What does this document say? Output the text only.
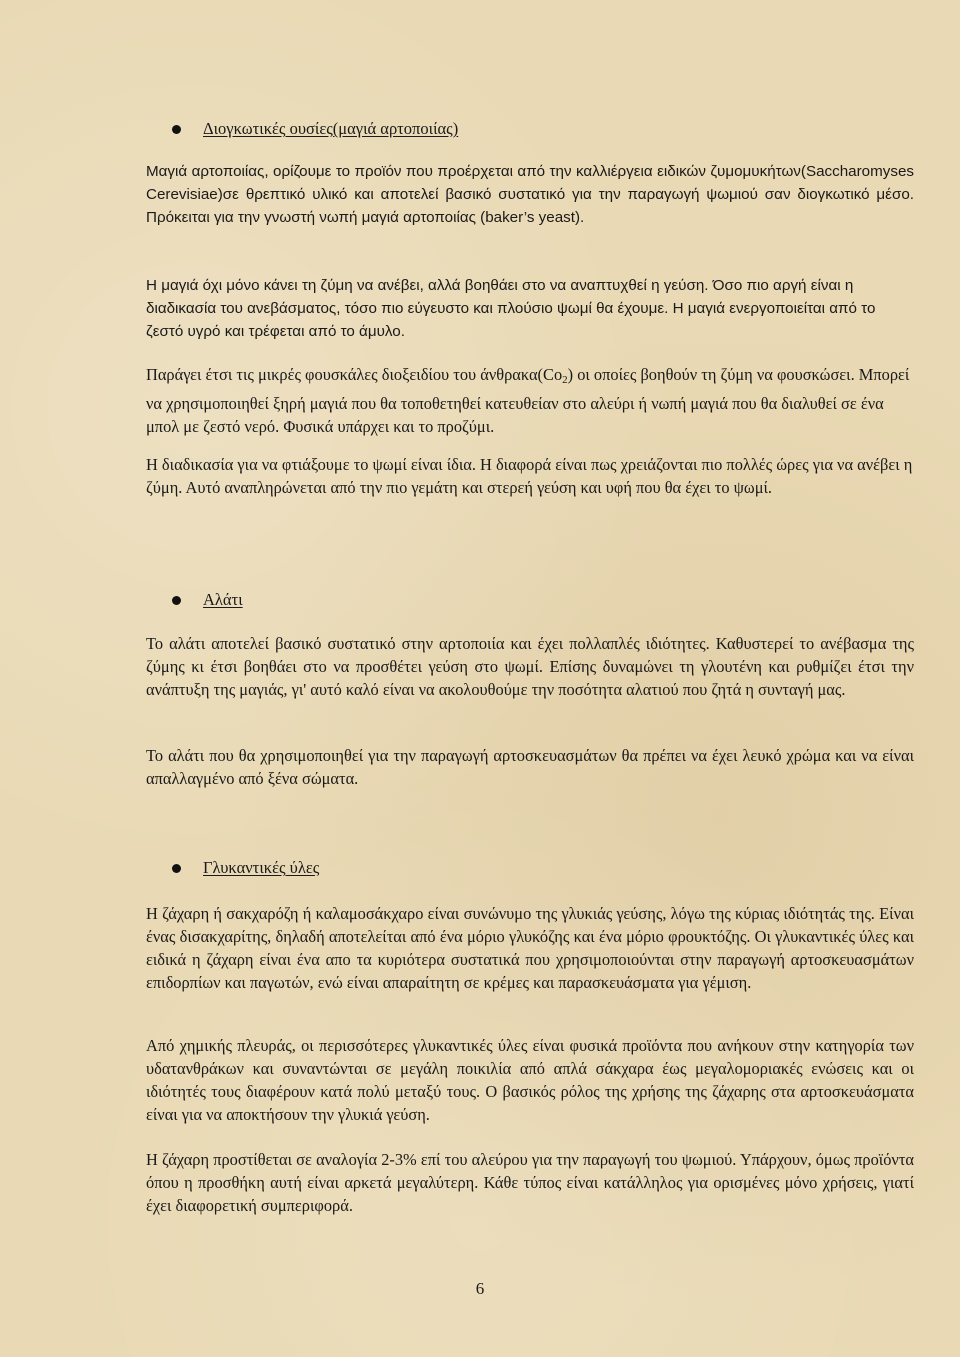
Διογκωτικές ουσίες(μαγιά αρτοποιίας)

Μαγιά αρτοποιίας, ορίζουμε το προϊόν που προέρχεται από την καλλιέργεια ειδικών ζυμομυκήτων(Saccharomyses Cerevisiae)σε θρεπτικό υλικό και αποτελεί βασικό συστατικό για την παραγωγή ψωμιού σαν διογκωτικό μέσο. Πρόκειται για την γνωστή νωπή μαγιά αρτοποιίας (baker’s yeast).

Η μαγιά όχι μόνο κάνει τη ζύμη να ανέβει, αλλά βοηθάει στο να αναπτυχθεί η γεύση. Όσο πιο αργή είναι η διαδικασία του ανεβάσματος, τόσο πιο εύγευστο και πλούσιο ψωμί θα έχουμε. Η μαγιά ενεργοποιείται από το ζεστό υγρό και τρέφεται από το άμυλο.

Παράγει έτσι τις μικρές φουσκάλες διοξειδίου του $ά\nu\theta\rho\alpha\kappa\alpha(Co_2)$ οι οποίες βοηθούν τη ζύμη να φουσκώσει. Μπορεί να χρησιμοποιηθεί ξηρή μαγιά που θα τοποθετηθεί κατευθείαν στο αλεύρι ή νωπή μαγιά που θα διαλυθεί σε ένα μπολ με ζεστό νερό. Φυσικά υπάρχει και το προζύμι.

Η διαδικασία για να φτιάξουμε το ψωμί είναι ίδια. Η διαφορά είναι πως χρειάζονται πιο πολλές ώρες για να ανέβει η ζύμη. Αυτό αναπληρώνεται από την πιο γεμάτη και στερεή γεύση και υφή που θα έχει το ψωμί.

Αλάτι

Το αλάτι αποτελεί βασικό συστατικό στην αρτοποιία και έχει πολλαπλές ιδιότητες. Καθυστερεί το ανέβασμα της ζύμης κι έτσι βοηθάει στο να προσθέτει γεύση στο ψωμί. Επίσης δυναμώνει τη γλουτένη και ρυθμίζει έτσι την ανάπτυξη της μαγιάς, γι' αυτό καλό είναι να ακολουθούμε την ποσότητα αλατιού που ζητά η συνταγή μας.

Το αλάτι που θα χρησιμοποιηθεί για την παραγωγή αρτοσκευασμάτων θα πρέπει να έχει λευκό χρώμα και να είναι απαλλαγμένο από ξένα σώματα.

Γλυκαντικές ύλες

Η ζάχαρη ή σακχαρόζη ή καλαμοσάκχαρο είναι συνώνυμο της γλυκιάς γεύσης, λόγω της κύριας ιδιότητάς της. Είναι ένας δισακχαρίτης, δηλαδή αποτελείται από ένα μόριο γλυκόζης και ένα μόριο φρουκτόζης. Οι γλυκαντικές ύλες και ειδικά η ζάχαρη είναι ένα απο τα κυριότερα συστατικά που χρησιμοποιούνται στην παραγωγή αρτοσκευασμάτων επιδορπίων και παγωτών, ενώ είναι απαραίτητη σε κρέμες και παρασκευάσματα για γέμιση.

Από χημικής πλευράς, οι περισσότερες γλυκαντικές ύλες είναι φυσικά προϊόντα που ανήκουν στην κατηγορία των υδατανθράκων και συναντώνται σε μεγάλη ποικιλία από απλά σάκχαρα έως μεγαλομοριακές ενώσεις και οι ιδιότητές τους διαφέρουν κατά πολύ μεταξύ τους. Ο βασικός ρόλος της χρήσης της ζάχαρης στα αρτοσκευάσματα είναι για να αποκτήσουν την γλυκιά γεύση.

Η ζάχαρη προστίθεται σε αναλογία 2-3% επί του αλεύρου για την παραγωγή του ψωμιού. Υπάρχουν, όμως προϊόντα όπου η προσθήκη αυτή είναι αρκετά μεγαλύτερη. Κάθε τύπος είναι κατάλληλος για ορισμένες μόνο χρήσεις, γιατί έχει διαφορετική συμπεριφορά.

6
